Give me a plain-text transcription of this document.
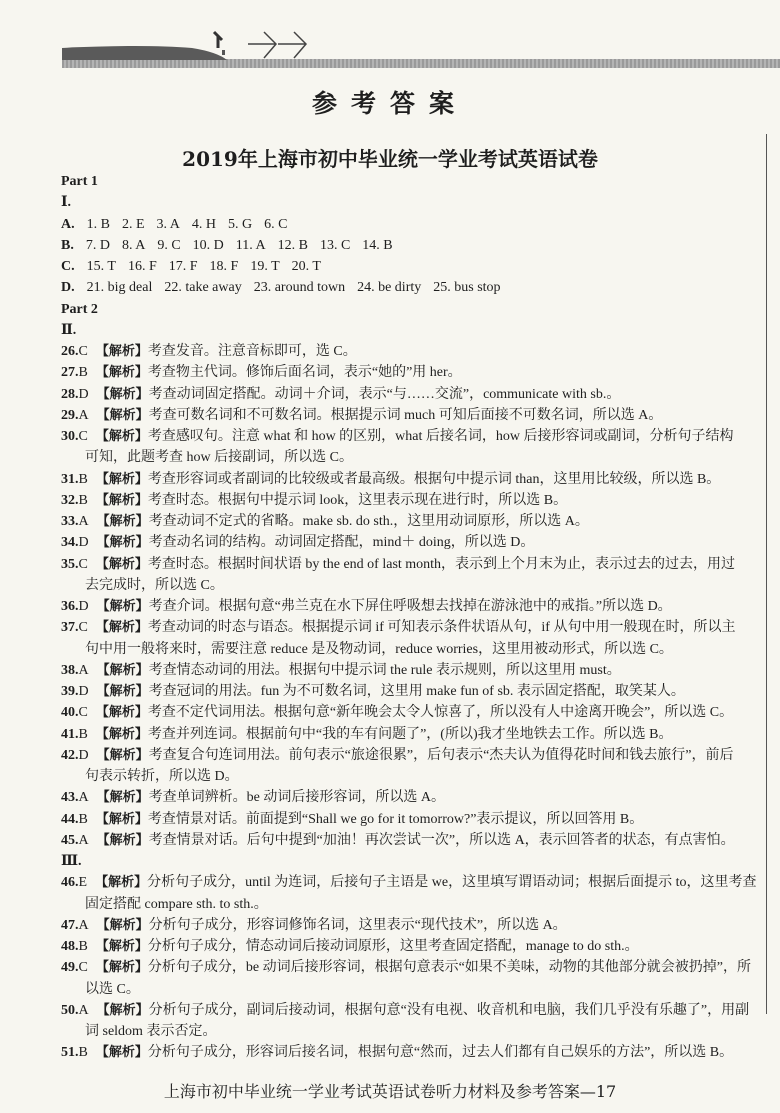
参考答案
2019年上海市初中毕业统一学业考试英语试卷
Part 1
Ⅰ.
A. 1. B 2. E 3. A 4. H 5. G 6. C
B. 7. D 8. A 9. C 10. D 11. A 12. B 13. C 14. B
C. 15. T 16. F 17. F 18. F 19. T 20. T
D. 21. big deal 22. take away 23. around town 24. be dirty 25. bus stop
Part 2
Ⅱ.
26.C 【解析】考查发音。注意音标即可，选 C。
27.B 【解析】考查物主代词。修饰后面名词，表示“她的”用 her。
28.D 【解析】考查动词固定搭配。动词＋介词，表示“与……交流”，communicate with sb.。
29.A 【解析】考查可数名词和不可数名词。根据提示词 much 可知后面接不可数名词，所以选 A。
30.C 【解析】考查感叹句。注意 what 和 how 的区别，what 后接名词，how 后接形容词或副词，分析句子结构
可知，此题考查 how 后接副词，所以选 C。
31.B 【解析】考查形容词或者副词的比较级或者最高级。根据句中提示词 than，这里用比较级，所以选 B。
32.B 【解析】考查时态。根据句中提示词 look，这里表示现在进行时，所以选 B。
33.A 【解析】考查动词不定式的省略。make sb. do sth.，这里用动词原形，所以选 A。
34.D 【解析】考查动名词的结构。动词固定搭配，mind＋ doing，所以选 D。
35.C 【解析】考查时态。根据时间状语 by the end of last month，表示到上个月末为止，表示过去的过去，用过
去完成时，所以选 C。
36.D 【解析】考查介词。根据句意“弗兰克在水下屏住呼吸想去找掉在游泳池中的戒指。”所以选 D。
37.C 【解析】考查动词的时态与语态。根据提示词 if 可知表示条件状语从句，if 从句中用一般现在时，所以主
句中用一般将来时，需要注意 reduce 是及物动词，reduce worries，这里用被动形式，所以选 C。
38.A 【解析】考查情态动词的用法。根据句中提示词 the rule 表示规则，所以这里用 must。
39.D 【解析】考查冠词的用法。fun 为不可数名词，这里用 make fun of sb. 表示固定搭配，取笑某人。
40.C 【解析】考查不定代词用法。根据句意“新年晚会太令人惊喜了，所以没有人中途离开晚会”，所以选 C。
41.B 【解析】考查并列连词。根据前句中“我的车有问题了”，(所以)我才坐地铁去工作。所以选 B。
42.D 【解析】考查复合句连词用法。前句表示“旅途很累”，后句表示“杰夫认为值得花时间和钱去旅行”，前后
句表示转折，所以选 D。
43.A 【解析】考查单词辨析。be 动词后接形容词，所以选 A。
44.B 【解析】考查情景对话。前面提到“Shall we go for it tomorrow?”表示提议，所以回答用 B。
45.A 【解析】考查情景对话。后句中提到“加油！再次尝试一次”，所以选 A，表示回答者的状态，有点害怕。
Ⅲ.
46.E 【解析】分析句子成分，until 为连词，后接句子主语是 we，这里填写谓语动词；根据后面提示 to，这里考查
固定搭配 compare sth. to sth.。
47.A 【解析】分析句子成分，形容词修饰名词，这里表示“现代技术”，所以选 A。
48.B 【解析】分析句子成分，情态动词后接动词原形，这里考查固定搭配，manage to do sth.。
49.C 【解析】分析句子成分，be 动词后接形容词，根据句意表示“如果不美味，动物的其他部分就会被扔掉”，所
以选 C。
50.A 【解析】分析句子成分，副词后接动词，根据句意“没有电视、收音机和电脑，我们几乎没有乐趣了”，用副
词 seldom 表示否定。
51.B 【解析】分析句子成分，形容词后接名词，根据句意“然而，过去人们都有自己娱乐的方法”，所以选 B。
上海市初中毕业统一学业考试英语试卷听力材料及参考答案—17
